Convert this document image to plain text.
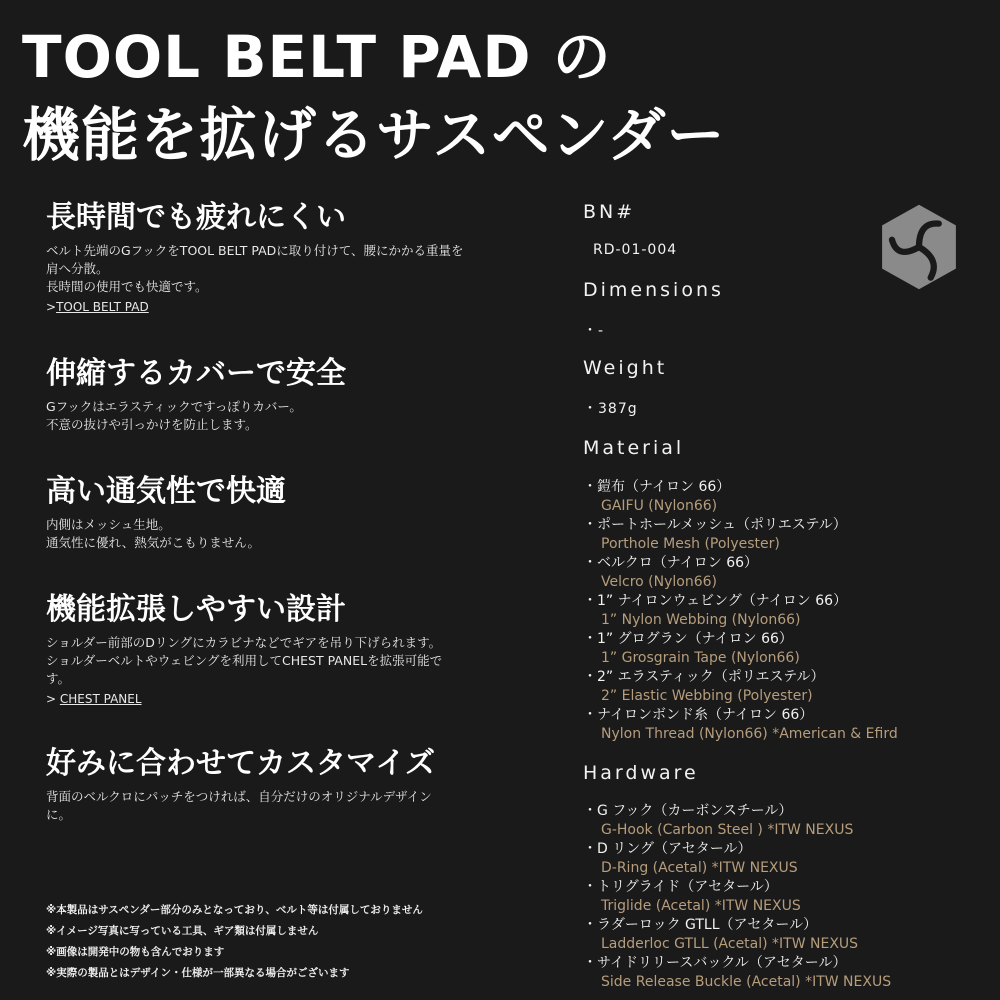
TOOL BELT PAD の
機能を拡げるサスペンダー
長時間でも疲れにくい
ベルト先端のGフックをTOOL BELT PADに取り付けて、腰にかかる重量を
肩へ分散。
長時間の使用でも快適です。
>TOOL BELT PAD
伸縮するカバーで安全
Gフックはエラスティックですっぽりカバー。
不意の抜けや引っかけを防止します。
高い通気性で快適
内側はメッシュ生地。
通気性に優れ、熱気がこもりません。
機能拡張しやすい設計
ショルダー前部のDリングにカラビナなどでギアを吊り下げられます。
ショルダーベルトやウェビングを利用してCHEST PANELを拡張可能で
す。
> CHEST PANEL
好みに合わせてカスタマイズ
背面のベルクロにパッチをつければ、自分だけのオリジナルデザイン
に。
※本製品はサスペンダー部分のみとなっており、ベルト等は付属しておりません
※イメージ写真に写っている工具、ギア類は付属しません
※画像は開発中の物も含んでおります
※実際の製品とはデザイン・仕様が一部異なる場合がございます
BN#
RD-01-004
Dimensions
・-
Weight
・387g
Material
・鎧布（ナイロン 66）
GAIFU (Nylon66)
・ポートホールメッシュ（ポリエステル）
Porthole Mesh (Polyester)
・ベルクロ（ナイロン 66）
Velcro (Nylon66)
・1” ナイロンウェビング（ナイロン 66）
1” Nylon Webbing (Nylon66)
・1” グログラン（ナイロン 66）
1” Grosgrain Tape (Nylon66)
・2” エラスティック（ポリエステル）
2” Elastic Webbing (Polyester)
・ナイロンボンド糸（ナイロン 66）
Nylon Thread (Nylon66) *American & Efird
Hardware
・G フック（カーボンスチール）
G-Hook (Carbon Steel ) *ITW NEXUS
・D リング（アセタール）
D-Ring (Acetal) *ITW NEXUS
・トリグライド（アセタール）
Triglide (Acetal) *ITW NEXUS
・ラダーロック GTLL（アセタール）
Ladderloc GTLL (Acetal) *ITW NEXUS
・サイドリリースバックル（アセタール）
Side Release Buckle (Acetal) *ITW NEXUS
